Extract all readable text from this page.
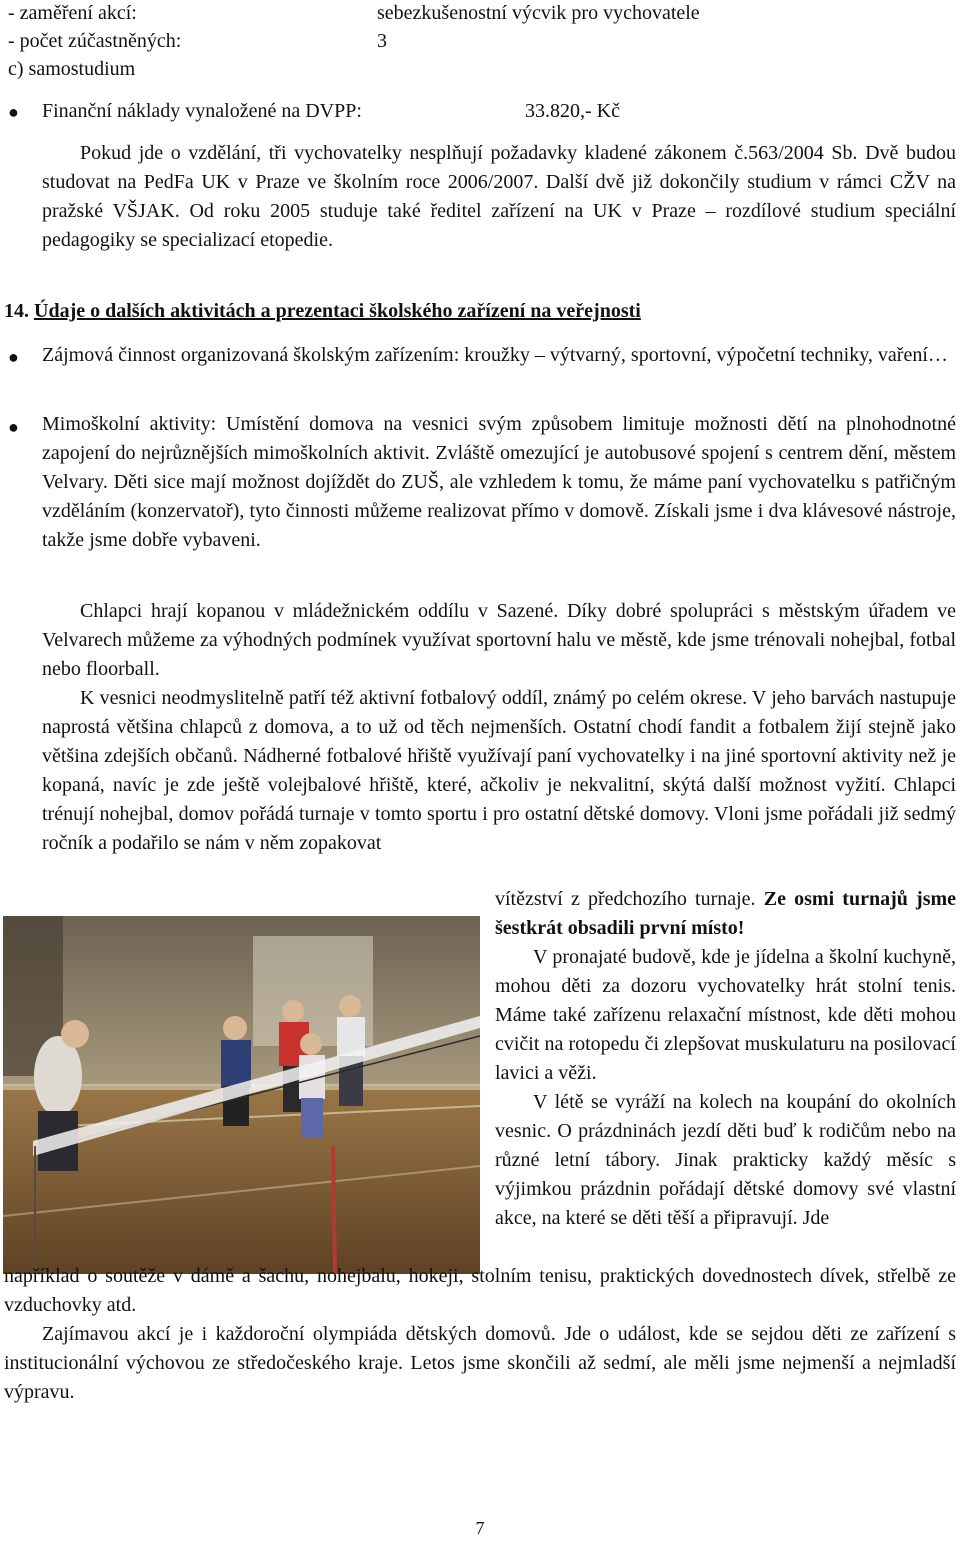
- zaměření akcí:	sebezkušenostní výcvik pro vychovatele
- počet zúčastněných:	3
c) samostudium
● Finanční náklady vynaložené na DVPP:	33.820,- Kč

Pokud jde o vzdělání, tři vychovatelky nesplňují požadavky kladené zákonem č.563/2004 Sb. Dvě budou studovat na PedFa UK v Praze ve školním roce 2006/2007. Další dvě již dokončily studium v rámci CŽV na pražské VŠJAK. Od roku 2005 studuje také ředitel zařízení na UK v Praze – rozdílové studium speciální pedagogiky se specializací etopedie.

14. Údaje o dalších aktivitách a prezentaci školského zařízení na veřejnosti
● Zájmová činnost organizovaná školským zařízením: kroužky – výtvarný, sportovní, výpočetní techniky, vaření…

● Mimoškolní aktivity: Umístění domova na vesnici svým způsobem limituje možnosti dětí na plnohodnotné zapojení do nejrůznějších mimoškolních aktivit. Zvláště omezující je autobusové spojení s centrem dění, městem Velvary. Děti sice mají možnost dojíždět do ZUŠ, ale vzhledem k tomu, že máme paní vychovatelku s patřičným vzděláním (konzervatoř), tyto činnosti můžeme realizovat přímo v domově. Získali jsme i dva klávesové nástroje, takže jsme dobře vybaveni.

Chlapci hrají kopanou v mládežnickém oddílu v Sazené. Díky dobré spolupráci s městským úřadem ve Velvarech můžeme za výhodných podmínek využívat sportovní halu ve městě, kde jsme trénovali nohejbal, fotbal nebo floorball.

K vesnici neodmyslitelně patří též aktivní fotbalový oddíl, známý po celém okrese. V jeho barvách nastupuje naprostá většina chlapců z domova, a to už od těch nejmenších. Ostatní chodí fandit a fotbalem žijí stejně jako většina zdejších občanů. Nádherné fotbalové hřiště využívají paní vychovatelky i na jiné sportovní aktivity než je kopaná, navíc je zde ještě volejbalové hřiště, které, ačkoliv je nekvalitní, skýtá další možnost vyžití. Chlapci trénují nohejbal, domov pořádá turnaje v tomto sportu i pro ostatní dětské domovy. Vloni jsme pořádali již sedmý ročník a podařilo se nám v něm zopakovat

vítězství z předchozího turnaje. Ze osmi turnajů jsme šestkrát obsadili první místo!

V pronajaté budově, kde je jídelna a školní kuchyně, mohou děti za dozoru vychovatelky hrát stolní tenis. Máme také zařízenu relaxační místnost, kde děti mohou cvičit na rotopedu či zlepšovat muskulaturu na posilovací lavici a věži.

V létě se vyráží na kolech na koupání do okolních vesnic. O prázdninách jezdí děti buď k rodičům nebo na různé letní tábory. Jinak prakticky každý měsíc s výjimkou prázdnin pořádají dětské domovy své vlastní akce, na které se děti těší a připravují. Jde

například o soutěže v dámě a šachu, nohejbalu, hokeji, stolním tenisu, praktických dovednostech dívek, střelbě ze vzduchovky atd.

Zajímavou akcí je i každoroční olympiáda dětských domovů. Jde o událost, kde se sejdou děti ze zařízení s institucionální výchovou ze středočeského kraje. Letos jsme skončili až sedmí, ale měli jsme nejmenší a nejmladší výpravu.

7
